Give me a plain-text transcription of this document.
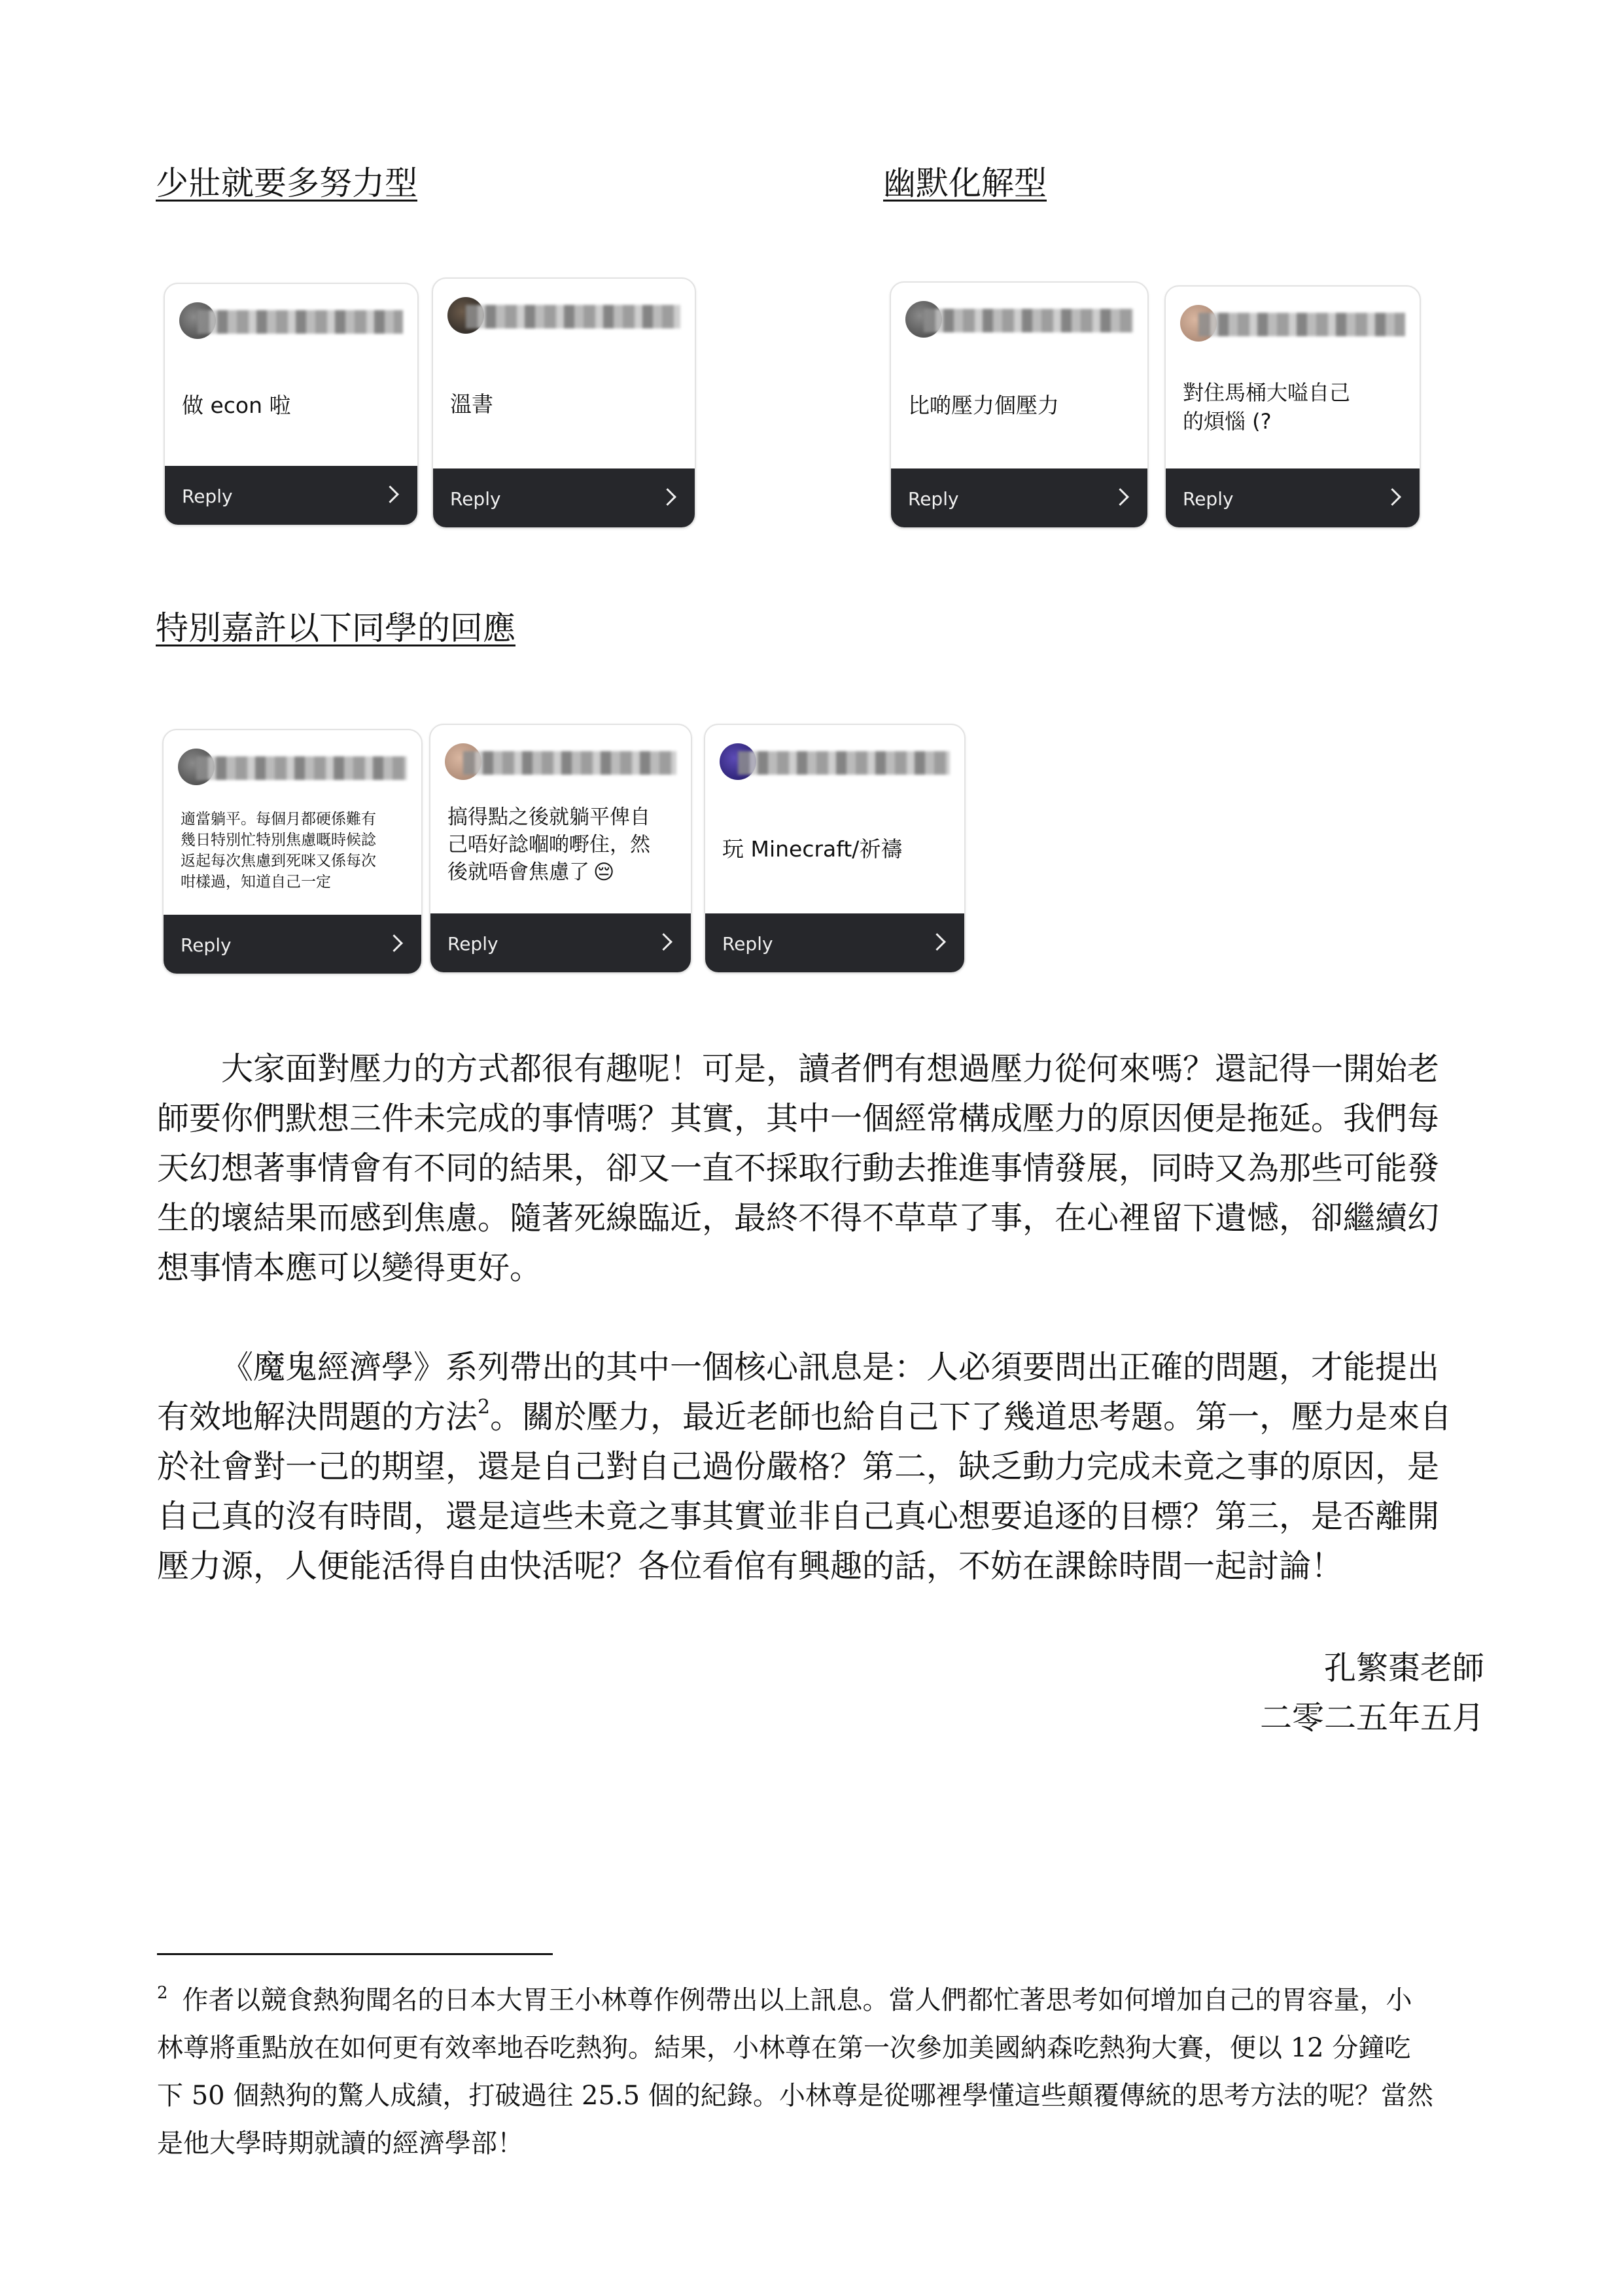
少壯就要多努力型	幽默化解型
特別嘉許以下同學的回應
做 econ 啦
Reply
溫書
Reply
比啲壓力個壓力
Reply
對住馬桶大嗌自己
的煩惱 (?
Reply
適當躺平。每個月都硬係難有
幾日特別忙特別焦慮嘅時候諗
返起每次焦慮到死咪又係每次
咁樣過，知道自己一定
Reply
搞得點之後就躺平俾自
己唔好諗嗰啲嘢住，然
後就唔會焦慮了 😔
Reply
玩 Minecraft/祈禱
Reply
大家面對壓力的方式都很有趣呢！可是，讀者們有想過壓力從何來嗎？還記得一開始老
師要你們默想三件未完成的事情嗎？其實，其中一個經常構成壓力的原因便是拖延。我們每
天幻想著事情會有不同的結果，卻又一直不採取行動去推進事情發展，同時又為那些可能發
生的壞結果而感到焦慮。隨著死線臨近，最終不得不草草了事，在心裡留下遺憾，卻繼續幻
想事情本應可以變得更好。
《魔鬼經濟學》系列帶出的其中一個核心訊息是：人必須要問出正確的問題，才能提出
有效地解決問題的方法$^2$。關於壓力，最近老師也給自己下了幾道思考題。第一，壓力是來自
於社會對一己的期望，還是自己對自己過份嚴格？第二，缺乏動力完成未竟之事的原因，是
自己真的沒有時間，還是這些未竟之事其實並非自己真心想要追逐的目標？第三，是否離開
壓力源，人便能活得自由快活呢？各位看倌有興趣的話，不妨在課餘時間一起討論！
孔繁棗老師
二零二五年五月
$^2$ 作者以競食熱狗聞名的日本大胃王小林尊作例帶出以上訊息。當人們都忙著思考如何增加自己的胃容量，小
林尊將重點放在如何更有效率地吞吃熱狗。結果，小林尊在第一次參加美國納森吃熱狗大賽，便以 12 分鐘吃
下 50 個熱狗的驚人成績，打破過往 25.5 個的紀錄。小林尊是從哪裡學懂這些顛覆傳統的思考方法的呢？當然
是他大學時期就讀的經濟學部！
